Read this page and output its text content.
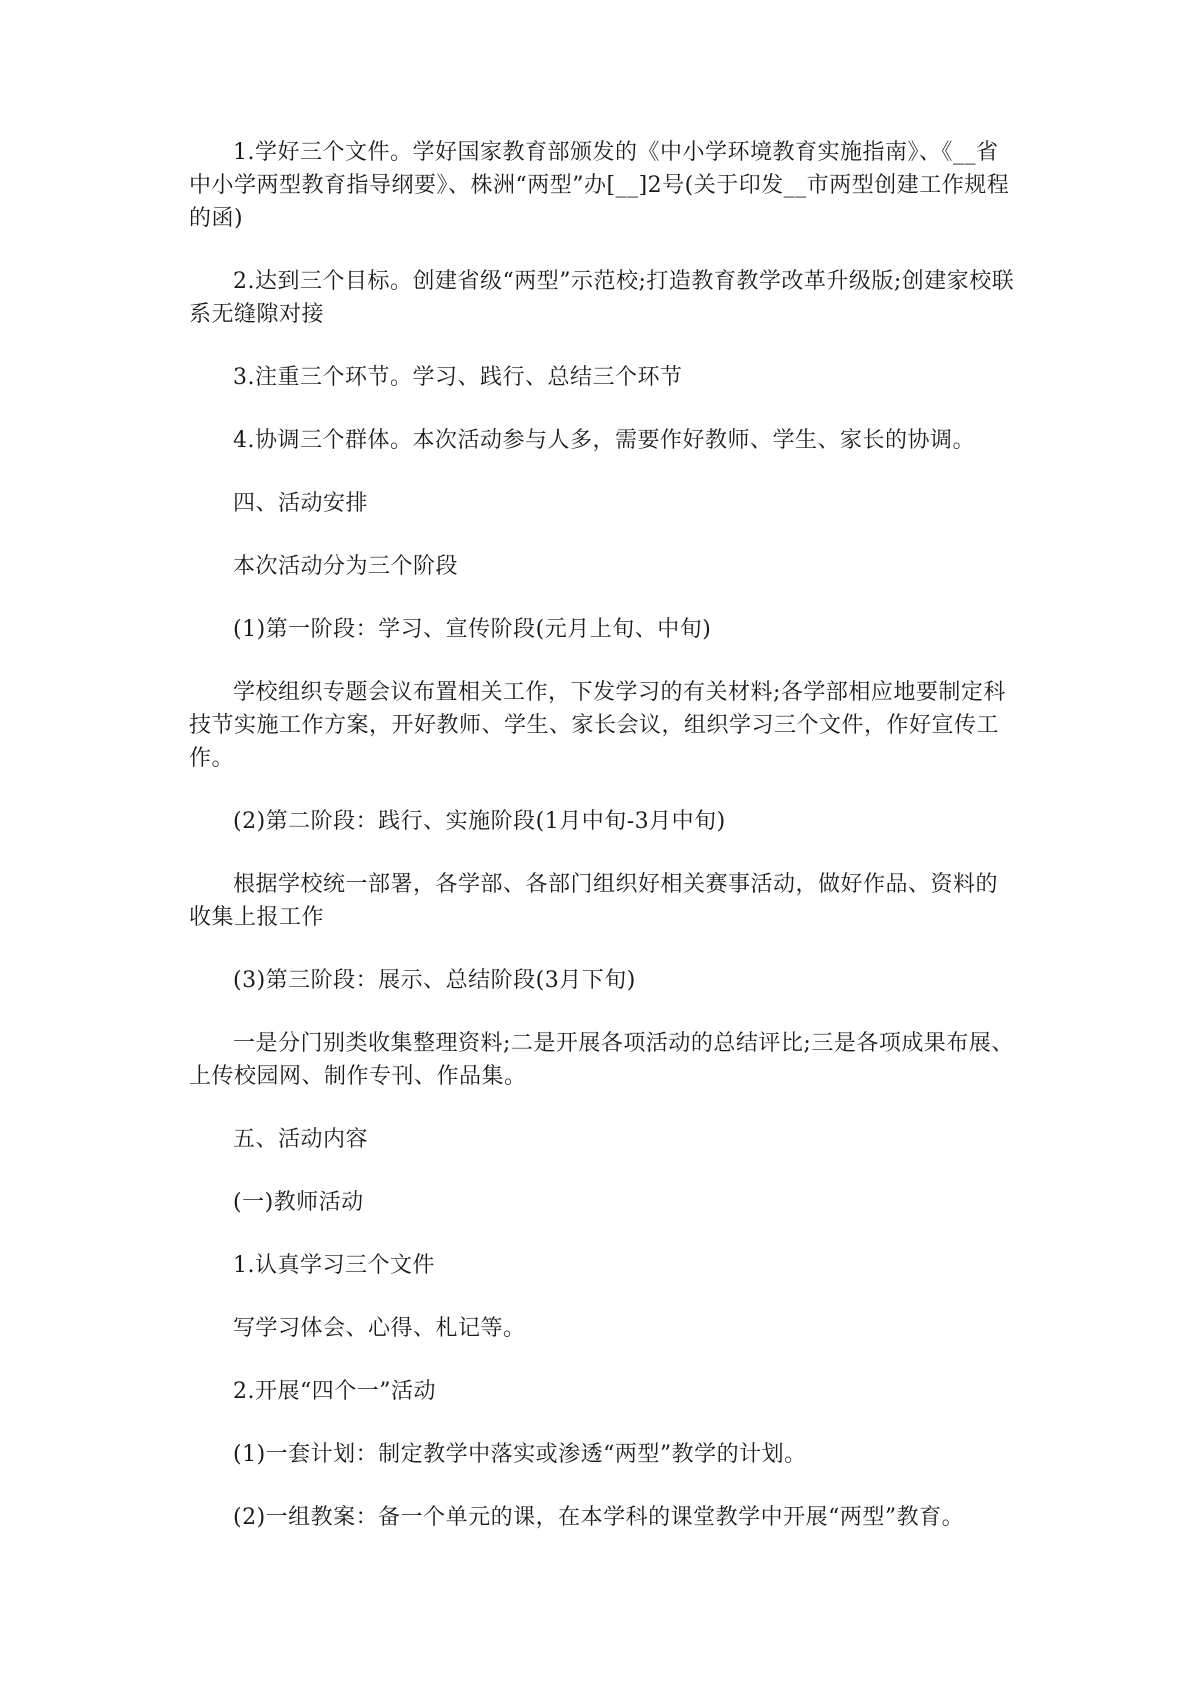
1.学好三个文件。学好国家教育部颁发的《中小学环境教育实施指南》、《__省中小学两型教育指导纲要》、株洲“两型”办[__]2号(关于印发__市两型创建工作规程的函)

2.达到三个目标。创建省级“两型”示范校;打造教育教学改革升级版;创建家校联系无缝隙对接

3.注重三个环节。学习、践行、总结三个环节

4.协调三个群体。本次活动参与人多，需要作好教师、学生、家长的协调。

四、活动安排

本次活动分为三个阶段

(1)第一阶段：学习、宣传阶段(元月上旬、中旬)

学校组织专题会议布置相关工作，下发学习的有关材料;各学部相应地要制定科技节实施工作方案，开好教师、学生、家长会议，组织学习三个文件，作好宣传工作。

(2)第二阶段：践行、实施阶段(1月中旬-3月中旬)

根据学校统一部署，各学部、各部门组织好相关赛事活动，做好作品、资料的收集上报工作

(3)第三阶段：展示、总结阶段(3月下旬)

一是分门别类收集整理资料;二是开展各项活动的总结评比;三是各项成果布展、上传校园网、制作专刊、作品集。

五、活动内容

(一)教师活动

1.认真学习三个文件

写学习体会、心得、札记等。

2.开展“四个一”活动

(1)一套计划：制定教学中落实或渗透“两型”教学的计划。

(2)一组教案：备一个单元的课，在本学科的课堂教学中开展“两型”教育。
